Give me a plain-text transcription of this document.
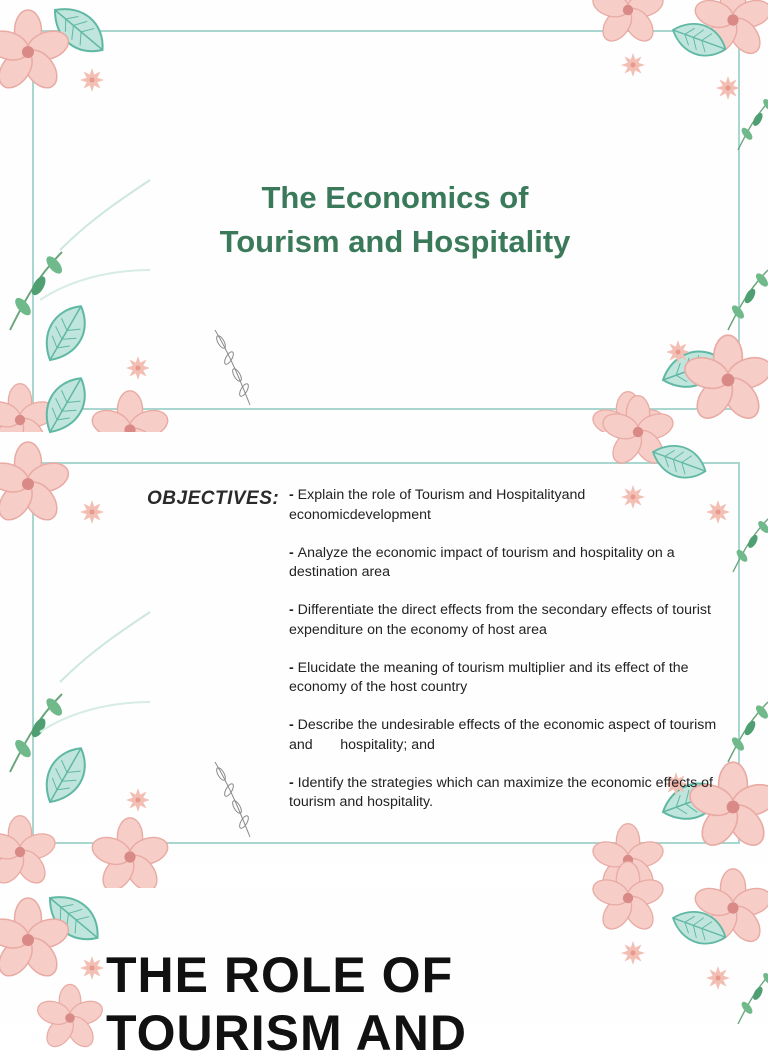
The Economics of
Tourism and Hospitality
OBJECTIVES:
-	Explain the role of Tourism and Hospitalityand economicdevelopment
- Analyze the economic impact of tourism and hospitality on a destination area
- Differentiate the direct effects from the secondary effects of tourist expenditure on the economy of host area
- Elucidate the meaning of tourism multiplier and its effect of the economy of the host country
- Describe the undesirable effects of the economic aspect of tourism and       hospitality; and
- Identify the strategies which can maximize the economic effects of tourism and hospitality.
THE ROLE OF
TOURISM AND
